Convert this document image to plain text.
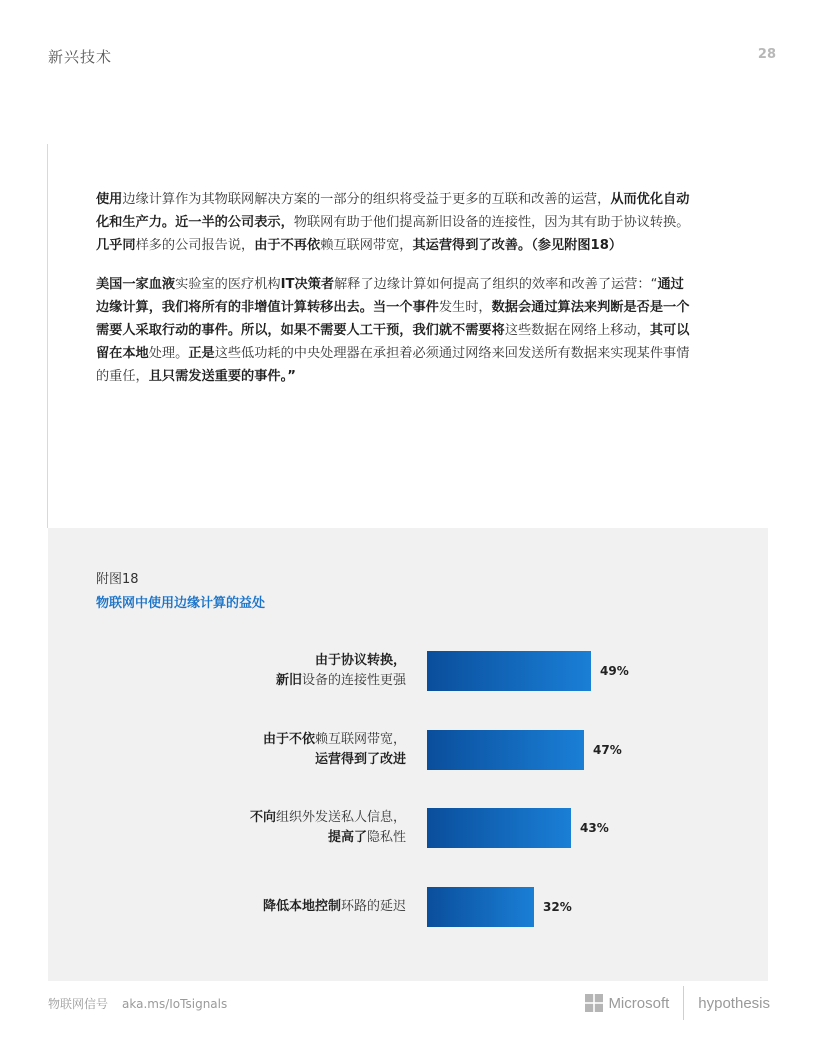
新兴技术	28

使用边缘计算作为其物联网解决方案的一部分的组织将受益于更多的互联和改善的运营，从而优化自动化和生产力。近一半的公司表示，物联网有助于他们提高新旧设备的连接性，因为其有助于协议转换。几乎同样多的公司报告说，由于不再依赖互联网带宽，其运营得到了改善。（参见附图18）

美国一家血液实验室的医疗机构IT决策者解释了边缘计算如何提高了组织的效率和改善了运营：“通过边缘计算，我们将所有的非增值计算转移出去。当一个事件发生时，数据会通过算法来判断是否是一个需要人采取行动的事件。所以，如果不需要人工干预，我们就不需要将这些数据在网络上移动，其可以留在本地处理。正是这些低功耗的中央处理器在承担着必须通过网络来回发送所有数据来实现某件事情的重任，且只需发送重要的事件。”

附图18
物联网中使用边缘计算的益处
由于协议转换，
新旧设备的连接性更强
49%
由于不依赖互联网带宽，
运营得到了改进
47%
不向组织外发送私人信息，
提高了隐私性
43%
降低本地控制环路的延迟	32%
物联网信号 aka.ms/IoTsignals	Microsoft hypothesis
